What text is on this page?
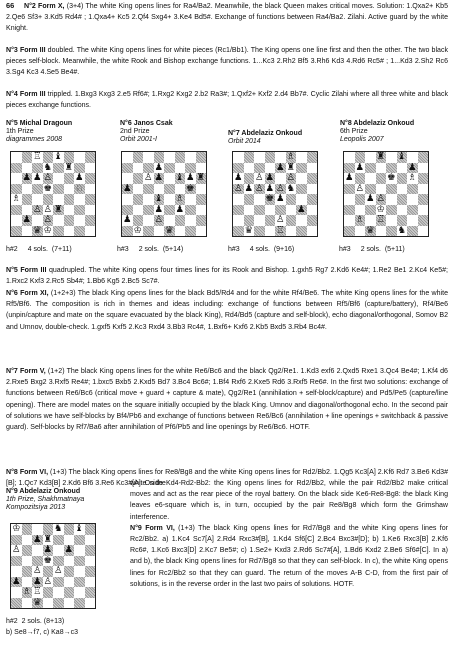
N°2 Form X, (3+4) The white King opens lines for Ra4/Ba2. Meanwhile, the black Queen makes critical moves. Solution: 1.Qxa2+ Kb5 2.Qe6 Sf3+ 3.Kd5 Rd4# ; 1.Qxa4+ Kc5 2.Qf4 Sxg4+ 3.Ke4 Bd5#. Exchange of functions between Ra4/Ba2. Zilahi. Active guard by the white Knight.
66
N°3 Form III doubled. The white King opens lines for white pieces (Rc1/Bb1). The King opens one line first and then the other. The two black pieces self-block. Meanwhile, the white Rook and Bishop exchange functions. 1...Kc3 2.Rh2 Bf5 3.Rh6 Kd3 4.Rd6 Rc5# ; 1...Kd3 2.Sh2 Rc6 3.Sg4 Kc3 4.Se5 Be4#.
N°4 Form III trippled. 1.Bxg3 Kxg3 2.e5 Rf6#; 1.Rxg2 Kxg2 2.b2 Ra3#; 1.Qxf2+ Kxf2 2.d4 Bb7#. Cyclic Zilahi where all three white and black pieces exchange functions.
N°5 Michal Dragoun
1th Prize
diagrammes 2008
N°6 Janos Csak
2nd Prize
Orbit 2001-I
N°7 Abdelaziz Onkoud
Orbit 2014
N°8 Abdelaziz Onkoud
6th Prize
Leopolis 2007
♖ ♝
♞ ♜
♟ ♟ ♙ ♟
♚ ♘
♗
♙ ♙ ♜
♟ ♙
♛ ♔
♟
♙ ♟ ♝ ♟ ♜
♟	♚
♝ ♗
♟ ♟
♟ ♙
♔ ♛
♗
♟ ♜
♟ ♙ ♟ ♙
♙ ♟ ♙ ♟ ♙ ♞
♚ ♟
♟
♙
♛ ♖
♜ ♝
♟	♟
♟	♚ ♗
♙
♟ ♙
♔
♗ ♖
♛ ♞
h#2 4 sols. (7+11)	h#3 2 sols. (5+14)	h#3 4 sols. (9+16)	h#3 2 sols. (5+11)
N°5 Form III quadrupled. The white King opens four times lines for its Rook and Bishop. 1.gxh5 Rg7 2.Kd6 Ke4#; 1.Re2 Be1 2.Kc4 Ke5#; 1.Rxc2 Kxf3 2.Rc5 Sb4#; 1.Bb6 Kg5 2.Bc5 Sc7#.
N°6 Form XI, (1+2+3) The black King opens lines for the black Bd5/Rd4 and for the white Rf4/Be6. The white King opens lines for the white Rf5/Bf6. The composition is rich in themes and ideas including: exchange of functions between Rf5/Bf6 (capture/battery), Rf4/Be6 (unpin/capture and mate on the square evacuated by the black King), Rd4/Bd5 (capture and self-block), echo diagonal/orthogonal, Somov B2 and Umnov, double-check. 1.gxf5 Kxf5 2.Kc3 Rxd4 3.Bb3 Rc4#, 1.Bxf6+ Kxf6 2.Kb5 Bxd5 3.Rb4 Bc4#.
N°7 Form V, (1+2) The black King opens lines for the white Re6/Bc6 and the black Qg2/Re1. 1.Kd3 exf6 2.Qxd5 Rxe1 3.Qc4 Be4#; 1.Kf4 d6 2.Rxe5 Bxg2 3.Rxf5 Re4#; 1.bxc5 Bxb5 2.Kxd5 Bd7 3.Bc4 Bc6#; 1.Bf4 Rxf6 2.Kxe5 Rd6 3.Rxf5 Re6#. In the first two solutions: exchange of functions between Re6/Bc6 (critical move + guard + capture & mate), Qg2/Re1 (annihilation + self-block/capture) and Pd5/Pe5 (capture/line opening). There are model mates on the square initially occupied by the black King. Umnov and diagonal/orthogonal echo. In the second pair of solutions we have self-blocks by Bf4/Pb6 and exchange of functions between Re6/Bc6 (annihilation + line openings + switchback & passive guard). Self-blocks by Rf7/Ba6 after annihilation of Pf6/Pb5 and line openings by Re6/Bc6. HOTF.
N°8 Form VI, (1+3) The black King opens lines for Re8/Bg8 and the white King opens lines for Rd2/Bb2. 1.Qg5 Kc3[A] 2.Kf6 Rd7 3.Be6 Kd3#[B]; 1.Qc7 Kd3[B] 2.Kd6 Bf6 3.Re6 Kc3#[A]. On the
white side Kd4-Rd2-Bb2: the King opens lines for Rd2/Bb2, while the pair Rd2/Bb2 make critical moves and act as the rear piece of the royal battery. On the black side Ke6-Re8-Bg8: the black King leaves e6-square which is, in turn, occupied by the pair Re8/Bg8 which form the Grimshaw interference.
N°9 Form VI, (1+3) The black King opens lines for Rd7/Bg8 and the white King opens lines for Rc2/Bb2. a) 1.Kc4 Sc7[A] 2.Rd4 Rxc3#[B], 1.Kd4 Sf6[C] 2.Bc4 Bxc3#[D]; b) 1.Ke6 Rxc3[B] 2.Kf6 Rc6#, 1.Kc6 Bxc3[D] 2.Kc7 Be5#; c) 1.Se2+ Kxd3 2.Rd6 Sc7#[A], 1.Bd6 Kxd2 2.Be6 Sf6#[C]. In a) and b), the black King opens lines for Rd7/Bg8 so that they can self-block. In c), the white King opens lines for Rc2/Bb2 so that they can guard. The return of the moves A-B C-D, from the first pair of solutions, is in the reverse order in the last two pairs of solutions. HOTF.
N°9 Abdelaziz Onkoud
1th Prize, Shakhmatnaya
Kompozitsiya 2013
♔	♞ ♝
♟ ♜
♙ ♟ ♟
♚
♙ ♙
♟ ♟ ♙
♗ ♖
♛
h#2 2 sols. (8+13)
b) Se8→f7, c) Ka8→c3
